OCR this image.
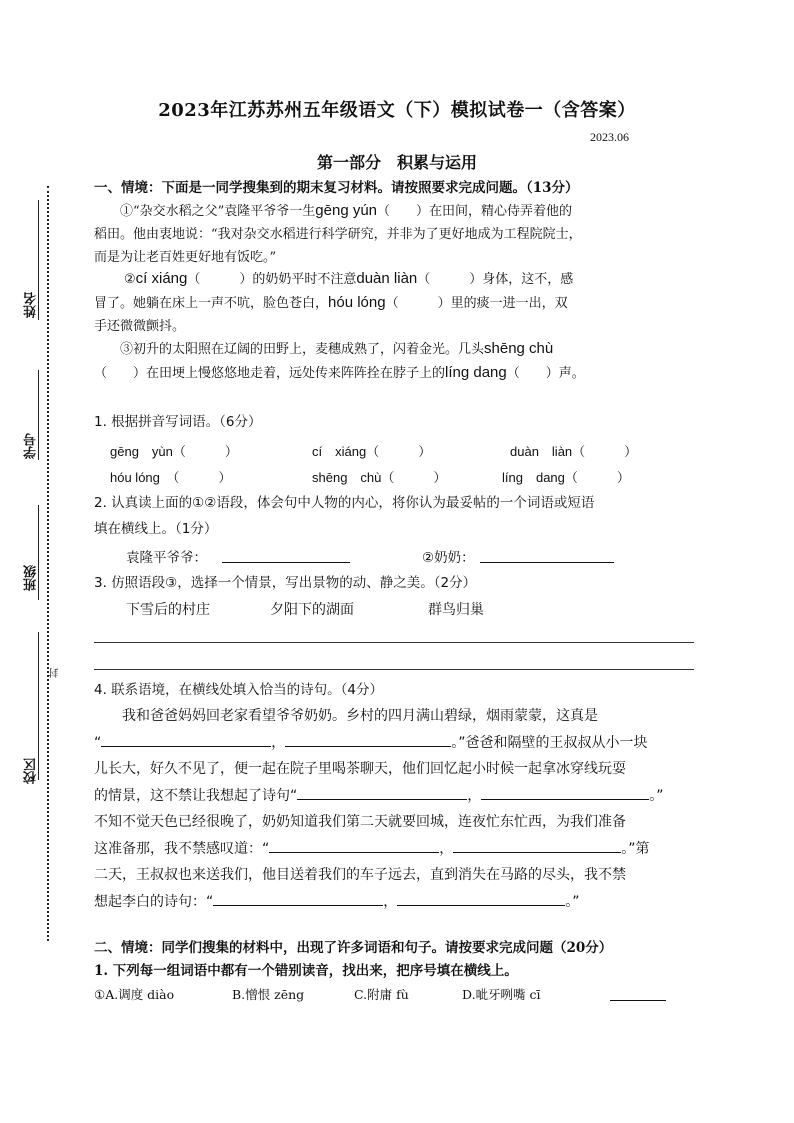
2023年江苏苏州五年级语文（下）模拟试卷一（含答案）
2023.06
第一部分　积累与运用
姓名
学号
班级
封
校区
一、情境：下面是一同学搜集到的期末复习材料。请按照要求完成问题。（13分）
①“杂交水稻之父”袁隆平爷爷一生gēng yún（　　）在田间，精心侍弄着他的
稻田。他由衷地说：“我对杂交水稻进行科学研究，并非为了更好地成为工程院院士，
而是为让老百姓更好地有饭吃。”
②cí xiáng（　　　）的奶奶平时不注意duàn liàn（　　　）身体，这不，感
冒了。她躺在床上一声不吭，脸色苍白，hóu lóng（　　　）里的痰一进一出，双
手还微微颤抖。
③初升的太阳照在辽阔的田野上，麦穗成熟了，闪着金光。几头shēng chù
（　　）在田埂上慢悠悠地走着，远处传来阵阵拴在脖子上的líng dang（　　）声。
1. 根据拼音写词语。（6分）
gēng　yùn（　　　）	cí　xiáng（　　　）	duàn　liàn（　　　）
hóu lóng　（　　　）	shēng　chù（　　　）	líng　dang（　　　）
2. 认真读上面的①②语段，体会句中人物的内心，将你认为最妥帖的一个词语或短语
填在横线上。（1分）
袁隆平爷爷：	②奶奶：
3. 仿照语段③，选择一个情景，写出景物的动、静之美。（2分）
下雪后的村庄	夕阳下的湖面	群鸟归巢
4. 联系语境，在横线处填入恰当的诗句。（4分）
我和爸爸妈妈回老家看望爷爷奶奶。乡村的四月满山碧绿，烟雨蒙蒙，这真是
“	，	。”爸爸和隔壁的王叔叔从小一块
儿长大，好久不见了，便一起在院子里喝茶聊天，他们回忆起小时候一起拿冰穿线玩耍
的情景，这不禁让我想起了诗句“	，	。”
不知不觉天色已经很晚了，奶奶知道我们第二天就要回城，连夜忙东忙西，为我们准备
这准备那，我不禁感叹道：“	，	。”第
二天，王叔叔也来送我们，他目送着我们的车子远去，直到消失在马路的尽头，我不禁
想起李白的诗句：“	，	。”
二、情境：同学们搜集的材料中，出现了许多词语和句子。请按要求完成问题（20分）
1. 下列每一组词语中都有一个错别读音，找出来，把序号填在横线上。
①A.调度 diào	B.憎恨 zēng	C.附庸 fù	D.呲牙咧嘴 cī
